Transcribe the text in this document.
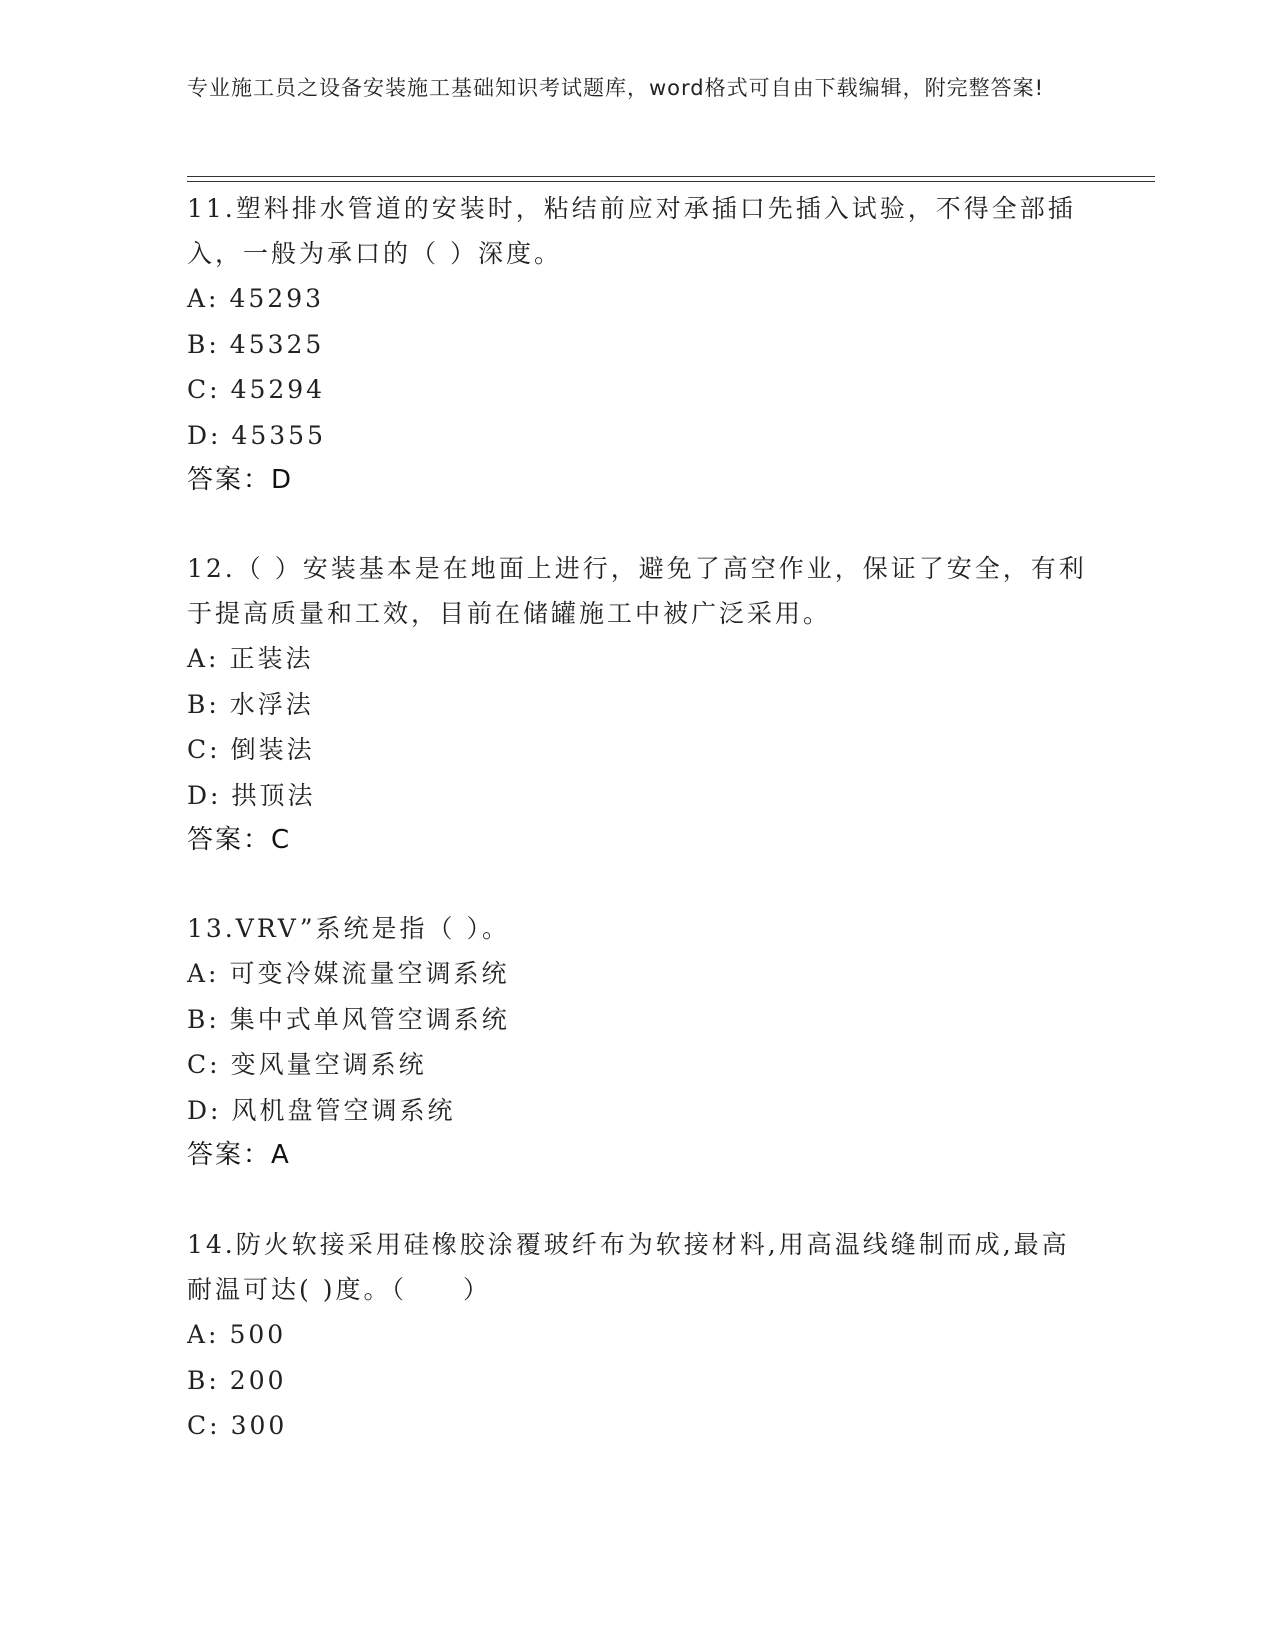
专业施工员之设备安装施工基础知识考试题库，word格式可自由下载编辑，附完整答案!

11.塑料排水管道的安装时，粘结前应对承插口先插入试验，不得全部插入，一般为承口的（ ）深度。

A: 45293
B: 45325
C: 45294
D: 45355
答案：D

12.（ ）安装基本是在地面上进行，避免了高空作业，保证了安全，有利于提高质量和工效，目前在储罐施工中被广泛采用。

A: 正装法
B: 水浮法
C: 倒装法
D: 拱顶法
答案：C

13.VRV”系统是指（ ）。

A: 可变冷媒流量空调系统
B: 集中式单风管空调系统
C: 变风量空调系统
D: 风机盘管空调系统
答案：A

14.防火软接采用硅橡胶涂覆玻纤布为软接材料,用高温线缝制而成,最高耐温可达( )度。（　　）

A: 500
B: 200
C: 300
